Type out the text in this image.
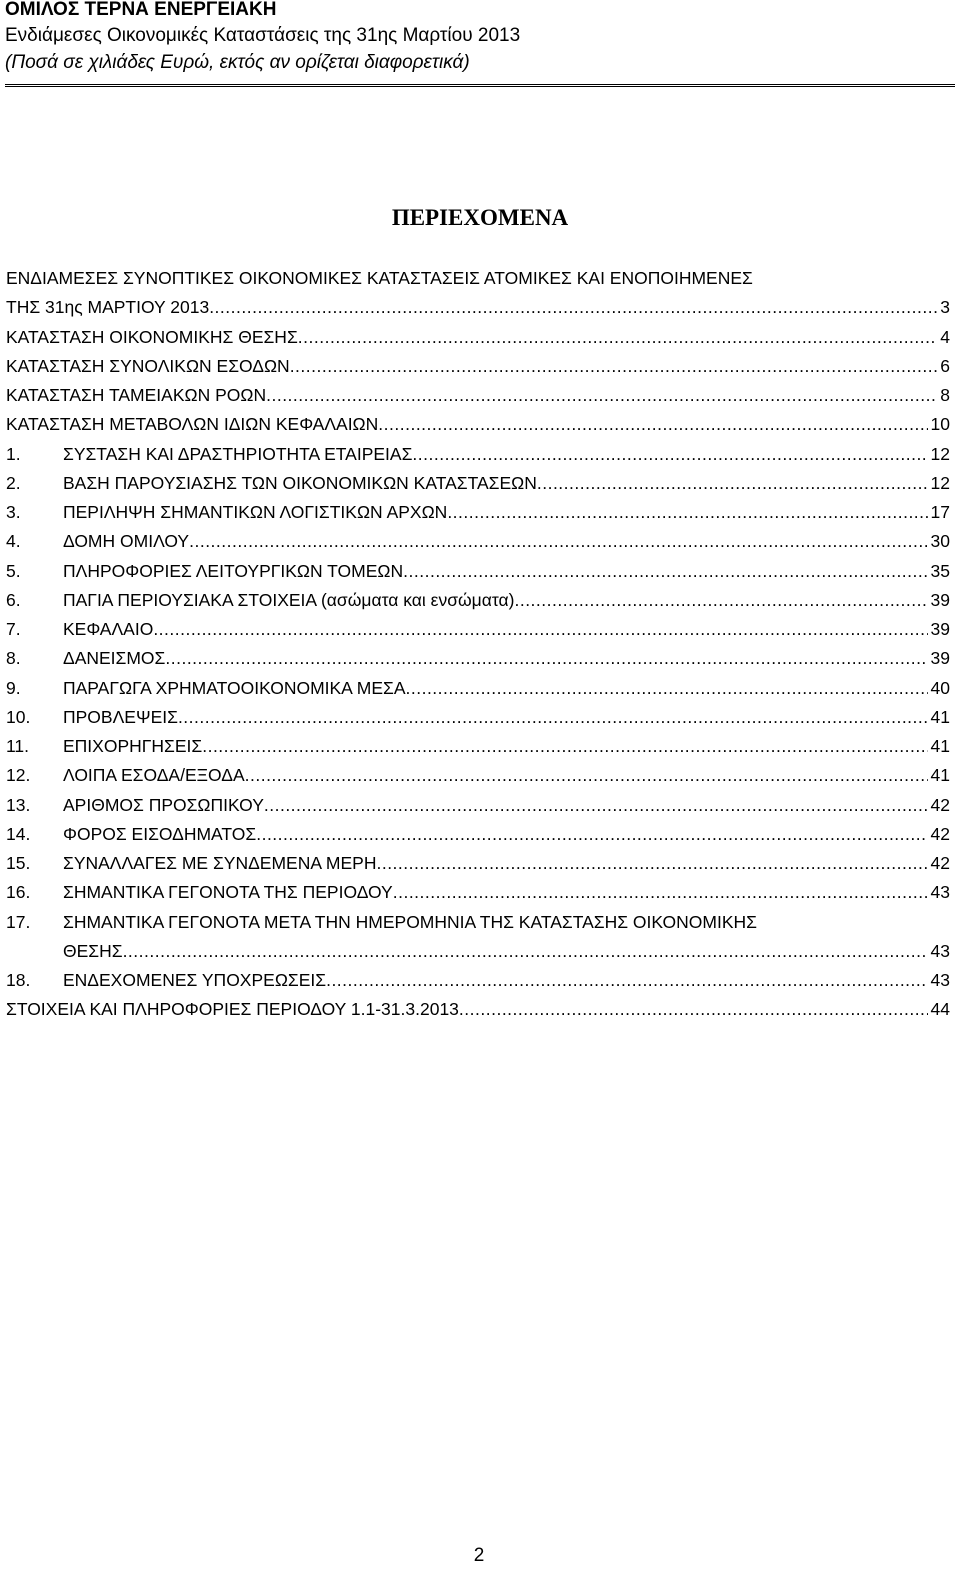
ΟΜΙΛΟΣ ΤΕΡΝΑ ΕΝΕΡΓΕΙΑΚΗ
Ενδιάμεσες Οικονομικές Καταστάσεις της 31ης Μαρτίου 2013
(Ποσά σε χιλιάδες Ευρώ, εκτός αν ορίζεται διαφορετικά)
ΠΕΡΙΕΧΟΜΕΝΑ
ΕΝΔΙΑΜΕΣΕΣ ΣΥΝΟΠΤΙΚΕΣ ΟΙΚΟΝΟΜΙΚΕΣ ΚΑΤΑΣΤΑΣΕΙΣ ΑΤΟΜΙΚΕΣ ΚΑΙ ΕΝΟΠΟΙΗΜΕΝΕΣ
ΤΗΣ 31ης ΜΑΡΤΙΟΥ 2013 .....	3
ΚΑΤΑΣΤΑΣΗ ΟΙΚΟΝΟΜΙΚΗΣ ΘΕΣΗΣ .....	4
ΚΑΤΑΣΤΑΣΗ ΣΥΝΟΛΙΚΩΝ ΕΣΟΔΩΝ .....	6
ΚΑΤΑΣΤΑΣΗ ΤΑΜΕΙΑΚΩΝ ΡΟΩΝ .....	8
ΚΑΤΑΣΤΑΣΗ ΜΕΤΑΒΟΛΩΝ ΙΔΙΩΝ ΚΕΦΑΛΑΙΩΝ .....	10
1.	ΣΥΣΤΑΣΗ ΚΑΙ ΔΡΑΣΤΗΡΙΟΤΗΤΑ ΕΤΑΙΡΕΙΑΣ .....	12
2.	ΒΑΣΗ ΠΑΡΟΥΣΙΑΣΗΣ ΤΩΝ ΟΙΚΟΝΟΜΙΚΩΝ ΚΑΤΑΣΤΑΣΕΩΝ .....	12
3.	ΠΕΡΙΛΗΨΗ ΣΗΜΑΝΤΙΚΩΝ ΛΟΓΙΣΤΙΚΩΝ ΑΡΧΩΝ .....	17
4.	ΔΟΜΗ ΟΜΙΛΟΥ .....	30
5.	ΠΛΗΡΟΦΟΡΙΕΣ ΛΕΙΤΟΥΡΓΙΚΩΝ ΤΟΜΕΩΝ .....	35
6.	ΠΑΓΙΑ ΠΕΡΙΟΥΣΙΑΚΑ ΣΤΟΙΧΕΙΑ (ασώματα και ενσώματα) .....	39
7.	ΚΕΦΑΛΑΙΟ .....	39
8.	ΔΑΝΕΙΣΜΟΣ .....	39
9.	ΠΑΡΑΓΩΓΑ ΧΡΗΜΑΤΟΟΙΚΟΝΟΜΙΚΑ ΜΕΣΑ .....	40
10.	ΠΡΟΒΛΕΨΕΙΣ .....	41
11.	ΕΠΙΧΟΡΗΓΗΣΕΙΣ .....	41
12.	ΛΟΙΠΑ ΕΣΟΔΑ/ΕΞΟΔΑ .....	41
13.	ΑΡΙΘΜΟΣ ΠΡΟΣΩΠΙΚΟΥ .....	42
14.	ΦΟΡΟΣ ΕΙΣΟΔΗΜΑΤΟΣ .....	42
15.	ΣΥΝΑΛΛΑΓΕΣ ΜΕ ΣΥΝΔΕΜΕΝΑ ΜΕΡΗ .....	42
16.	ΣΗΜΑΝΤΙΚΑ ΓΕΓΟΝΟΤΑ ΤΗΣ ΠΕΡΙΟΔΟΥ .....	43
17.	ΣΗΜΑΝΤΙΚΑ ΓΕΓΟΝΟΤΑ ΜΕΤΑ ΤΗΝ ΗΜΕΡΟΜΗΝΙΑ ΤΗΣ ΚΑΤΑΣΤΑΣΗΣ ΟΙΚΟΝΟΜΙΚΗΣ
ΘΕΣΗΣ .....	43
18.	ΕΝΔΕΧΟΜΕΝΕΣ ΥΠΟΧΡΕΩΣΕΙΣ .....	43
ΣΤΟΙΧΕΙΑ ΚΑΙ ΠΛΗΡΟΦΟΡΙΕΣ ΠΕΡΙΟΔΟΥ 1.1-31.3.2013 .....	44
2
